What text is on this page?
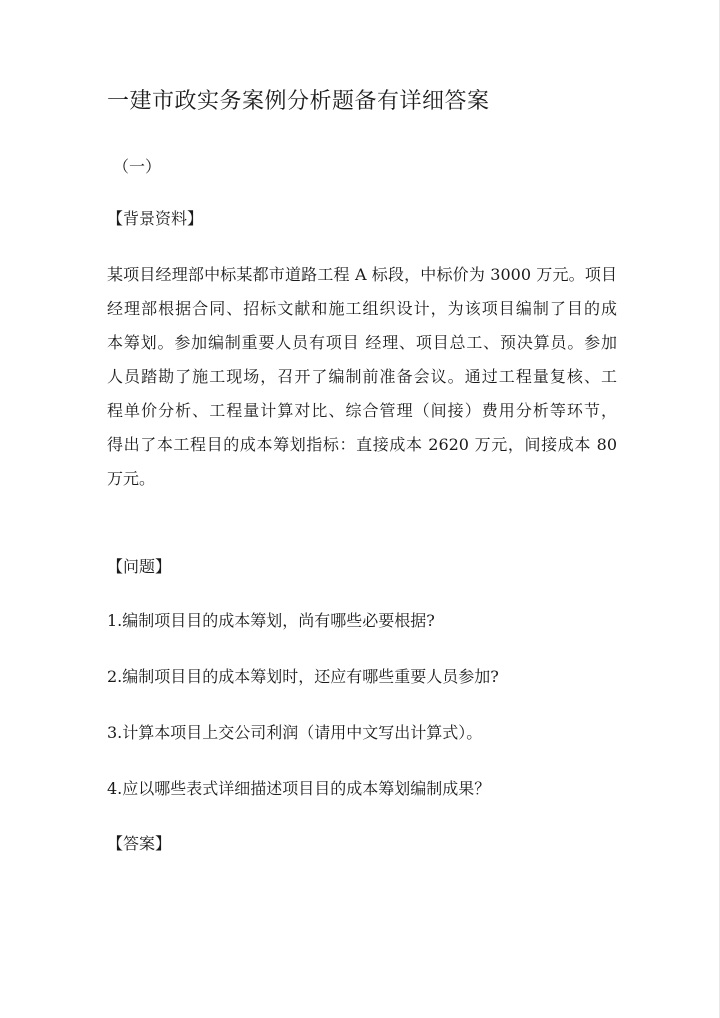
一建市政实务案例分析题备有详细答案
（一）
【背景资料】
某项目经理部中标某都市道路工程 A 标段，中标价为 3000 万元。项目
经理部根据合同、招标文献和施工组织设计，为该项目编制了目的成
本筹划。参加编制重要人员有项目 经理、项目总工、预决算员。参加
人员踏勘了施工现场，召开了编制前准备会议。通过工程量复核、工
程单价分析、工程量计算对比、综合管理（间接）费用分析等环节，
得出了本工程目的成本筹划指标：直接成本 2620 万元，间接成本 80
万元。
【问题】
1.编制项目目的成本筹划，尚有哪些必要根据?
2.编制项目目的成本筹划时，还应有哪些重要人员参加?
3.计算本项目上交公司利润（请用中文写出计算式）。
4.应以哪些表式详细描述项目目的成本筹划编制成果？
【答案】
